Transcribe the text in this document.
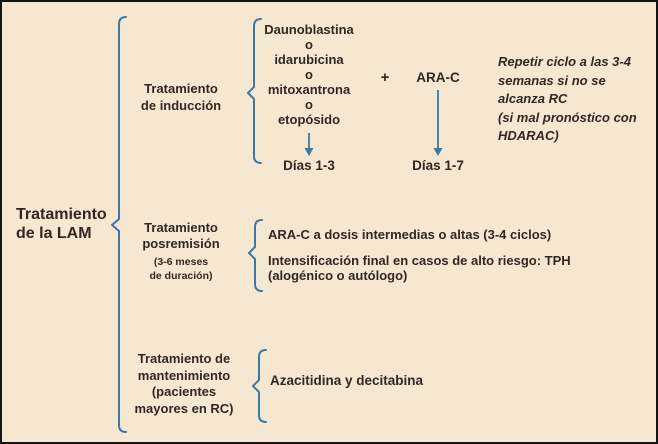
Tratamiento
de la LAM
Tratamiento
de inducción
Daunoblastina
o
idarubicina
o
mitoxantrona
o
etopósido
+	ARA-C
Días 1-3	Días 1-7
Repetir ciclo a las 3-4
semanas si no se
alcanza RC
(si mal pronóstico con
HDARAC)
Tratamiento
posremisión
(3-6 meses
de duración)
ARA-C a dosis intermedias o altas (3-4 ciclos)
Intensificación final en casos de alto riesgo: TPH
(alogénico o autólogo)
Tratamiento de
mantenimiento
(pacientes
mayores en RC)
Azacitidina y decitabina
